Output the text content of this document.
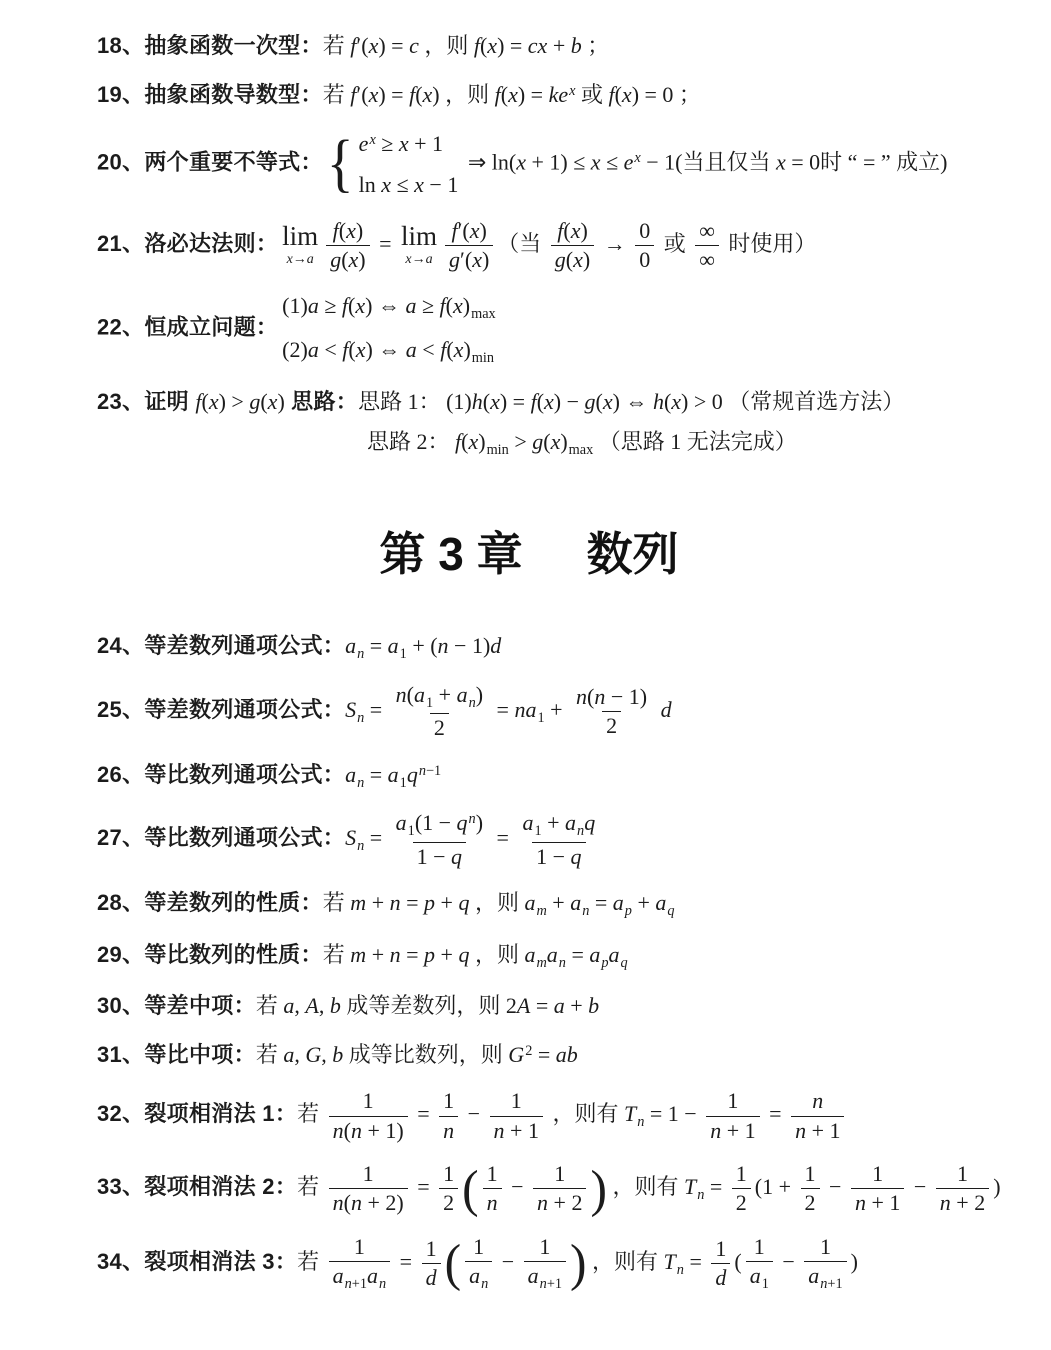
18、抽象函数一次型：若 f′(x) = c ，则 f(x) = cx + b ；
19、抽象函数导数型：若 f′(x) = f(x) ，则 $f(x) = ke^x$ 或 f(x) = 0 ；
20、两个重要不等式： { $e^x \ge x + 1$
ln x ≤ x − 1
⇒ $\ln(x + 1) \le x \le e^x - 1$(当且仅当 x = 0时 “ = ” 成立)
21、洛必达法则： lim
$x\to a \frac{f(x)}{g(x)} = \lim$
$x\to a \frac{f'(x)}{g'(x)}$ （当 $\frac{f(x)}{g(x)} \to \frac{0}{0}$ 或 $\frac{\infty}{\infty}$ 时使用）
22、恒成立问题：
(1)a ≥ f(x) ⇔ $a \ge f(x)_{max}$
(2)a < f(x) ⇔ $a < f(x)_{min}$
23、证明 f(x) > g(x) 思路：思路 1： (1)h(x) = f(x) − g(x) ⇔ h(x) > 0 （常规首选方法）
思路 2： $f(x)_{min} > g(x)_{max}$ （思路 1 无法完成）
第 3 章 数列
24、等差数列通项公式：$a_n = a_1 + (n - 1)d$
25、等差数列通项公式：$S_n = \frac{n(a_1 + a_n)}{2} = na_1 + \frac{n(n - 1)}{2}$ d
26、等比数列通项公式：$a_n = a_1q^{n-1}$
27、等比数列通项公式：$S_n = \frac{a_1(1 - q^n)}{1 - q} = \frac{a_1 + a_nq}{1 - q}$
28、等差数列的性质：若 m + n = p + q ，则 $a_m + a_n = a_p + a_q$
29、等比数列的性质：若 m + n = p + q ，则 $a_ma_n = a_pa_q$
30、等差中项：若 a, A, b 成等差数列，则 2A = a + b
31、等比中项：若 a, G, b 成等比数列，则 $G^2$ = ab
32、裂项相消法 1：若 $\frac{1}{n(n + 1)} = \frac{1}{n} - \frac{1}{n + 1}$ ，则有 $T_n = 1 - \frac{1}{n + 1} = \frac{n}{n + 1}$
33、裂项相消法 2：若 $\frac{1}{n(n + 2)} = \frac{1}{2}$ ( $\frac{1}{n} - \frac{1}{n + 2}$ ) ，则有 $T_n = \frac{1}{2} (1 + \frac{1}{2} - \frac{1}{n + 1} - \frac{1}{n + 2}$ )
34、裂项相消法 3：若 $\frac{1}{a_{n+1}a_n} = \frac{1}{d}$ ( $\frac{1}{a_n} - \frac{1}{a_{n+1}}$ ) ，则有 $T_n = \frac{1}{d}$ ( $\frac{1}{a_1} - \frac{1}{a_{n+1}}$ )
